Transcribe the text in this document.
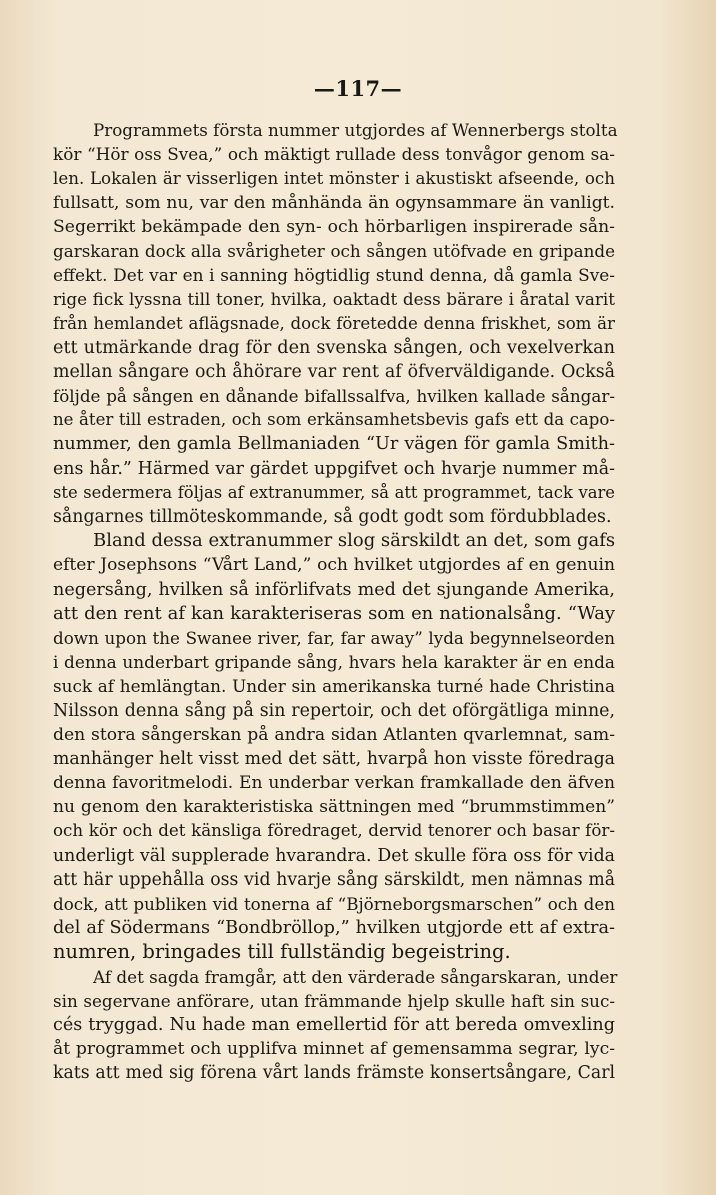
—117—
Programmets första nummer utgjordes af Wennerbergs stolta
kör “Hör oss Svea,” och mäktigt rullade dess tonvågor genom sa-
len. Lokalen är visserligen intet mönster i akustiskt afseende, och
fullsatt, som nu, var den månhända än ogynsammare än vanligt.
Segerrikt bekämpade den syn- och hörbarligen inspirerade sån-
garskaran dock alla svårigheter och sången utöfvade en gripande
effekt. Det var en i sanning högtidlig stund denna, då gamla Sve-
rige fick lyssna till toner, hvilka, oaktadt dess bärare i åratal varit
från hemlandet aflägsnade, dock företedde denna friskhet, som är
ett utmärkande drag för den svenska sången, och vexelverkan
mellan sångare och åhörare var rent af öfverväldigande. Också
följde på sången en dånande bifallssalfva, hvilken kallade sångar-
ne åter till estraden, och som erkänsamhetsbevis gafs ett da capo-
nummer, den gamla Bellmaniaden “Ur vägen för gamla Smith-
ens hår.” Härmed var gärdet uppgifvet och hvarje nummer må-
ste sedermera följas af extranummer, så att programmet, tack vare
sångarnes tillmöteskommande, så godt godt som fördubblades.
Bland dessa extranummer slog särskildt an det, som gafs
efter Josephsons “Vårt Land,” och hvilket utgjordes af en genuin
negersång, hvilken så införlifvats med det sjungande Amerika,
att den rent af kan karakteriseras som en nationalsång. “Way
down upon the Swanee river, far, far away” lyda begynnelseorden
i denna underbart gripande sång, hvars hela karakter är en enda
suck af hemlängtan. Under sin amerikanska turné hade Christina
Nilsson denna sång på sin repertoir, och det oförgätliga minne,
den stora sångerskan på andra sidan Atlanten qvarlemnat, sam-
manhänger helt visst med det sätt, hvarpå hon visste föredraga
denna favoritmelodi. En underbar verkan framkallade den äfven
nu genom den karakteristiska sättningen med “brummstimmen”
och kör och det känsliga föredraget, dervid tenorer och basar för-
underligt väl supplerade hvarandra. Det skulle föra oss för vida
att här uppehålla oss vid hvarje sång särskildt, men nämnas må
dock, att publiken vid tonerna af “Björneborgsmarschen” och den
del af Södermans “Bondbröllop,” hvilken utgjorde ett af extra-
numren, bringades till fullständig begeistring.
Af det sagda framgår, att den värderade sångarskaran, under
sin segervane anförare, utan främmande hjelp skulle haft sin suc-
cés tryggad. Nu hade man emellertid för att bereda omvexling
åt programmet och upplifva minnet af gemensamma segrar, lyc-
kats att med sig förena vårt lands främste konsertsångare, Carl
